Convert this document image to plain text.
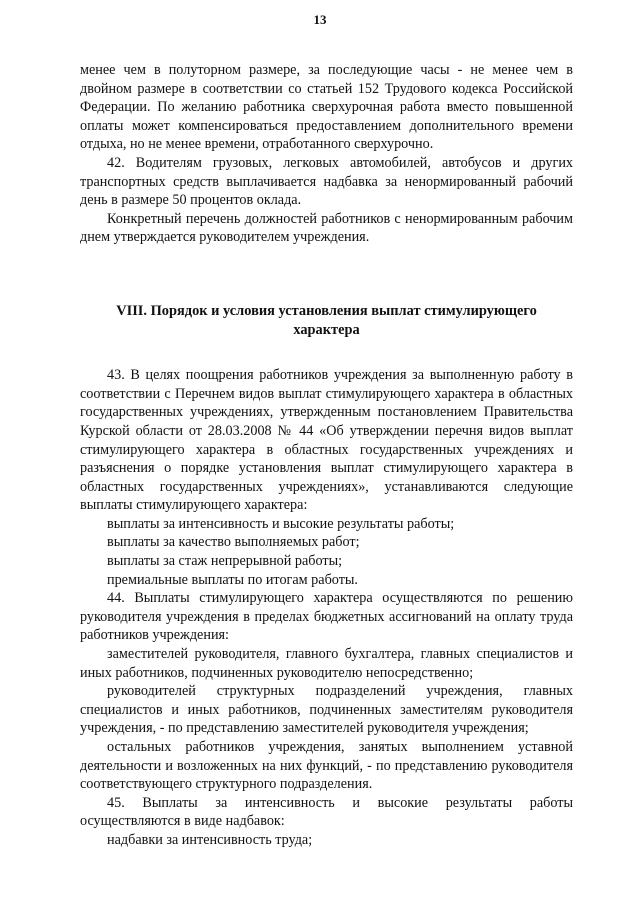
13

менее чем в полуторном размере, за последующие часы - не менее чем в двойном размере в соответствии со статьей 152 Трудового кодекса Российской Федерации. По желанию работника сверхурочная работа вместо повышенной оплаты может компенсироваться предоставлением дополнительного времени отдыха, но не менее времени, отработанного сверхурочно.

42. Водителям грузовых, легковых автомобилей, автобусов и других транспортных средств выплачивается надбавка за ненормированный рабочий день в размере 50 процентов оклада.

Конкретный перечень должностей работников с ненормированным рабочим днем утверждается руководителем учреждения.

VIII. Порядок и условия установления выплат стимулирующего характера

43. В целях поощрения работников учреждения за выполненную работу в соответствии с Перечнем видов выплат стимулирующего характера в областных государственных учреждениях, утвержденным постановлением Правительства Курской области от 28.03.2008 № 44 «Об утверждении перечня видов выплат стимулирующего характера в областных государственных учреждениях и разъяснения о порядке установления выплат стимулирующего характера в областных государственных учреждениях», устанавливаются следующие выплаты стимулирующего характера:

выплаты за интенсивность и высокие результаты работы;

выплаты за качество выполняемых работ;

выплаты за стаж непрерывной работы;

премиальные выплаты по итогам работы.

44. Выплаты стимулирующего характера осуществляются по решению руководителя учреждения в пределах бюджетных ассигнований на оплату труда работников учреждения:

заместителей руководителя, главного бухгалтера, главных специалистов и иных работников, подчиненных руководителю непосредственно;

руководителей структурных подразделений учреждения, главных специалистов и иных работников, подчиненных заместителям руководителя учреждения, - по представлению заместителей руководителя учреждения;

остальных работников учреждения, занятых выполнением уставной деятельности и возложенных на них функций, - по представлению руководителя соответствующего структурного подразделения.

45. Выплаты за интенсивность и высокие результаты работы осуществляются в виде надбавок:

надбавки за интенсивность труда;
